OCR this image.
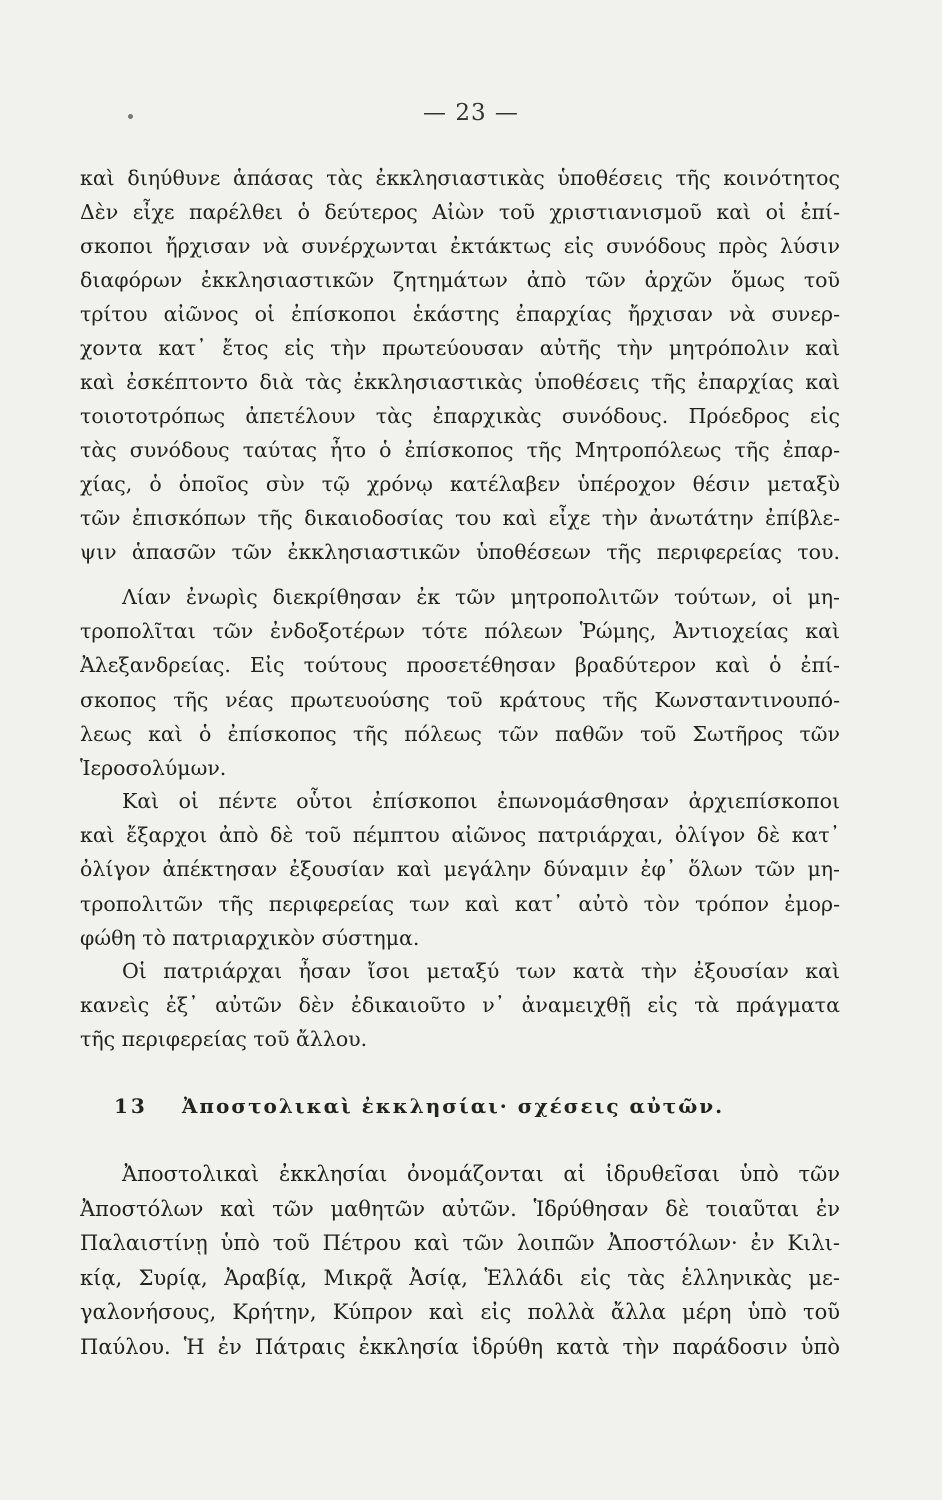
— 23 —
καὶ διηύθυνε ἁπάσας τὰς ἐκκλησιαστικὰς ὑποθέσεις τῆς κοινότητος
Δὲν εἶχε παρέλθει ὁ δεύτερος Αἰὼν τοῦ χριστιανισμοῦ καὶ οἱ ἐπί-
σκοποι ἤρχισαν νὰ συνέρχωνται ἐκτάκτως εἰς συνόδους πρὸς λύσιν
διαφόρων ἐκκλησιαστικῶν ζητημάτων ἀπὸ τῶν ἀρχῶν ὅμως τοῦ
τρίτου αἰῶνος οἱ ἐπίσκοποι ἑκάστης ἐπαρχίας ἤρχισαν νὰ συνερ-
χοντα κατ᾽ ἔτος εἰς τὴν πρωτεύουσαν αὐτῆς τὴν μητρόπολιν καὶ
καὶ ἐσκέπτοντο διὰ τὰς ἐκκλησιαστικὰς ὑποθέσεις τῆς ἐπαρχίας καὶ
τοιοτοτρόπως ἀπετέλουν τὰς ἐπαρχικὰς συνόδους. Πρόεδρος εἰς
τὰς συνόδους ταύτας ἦτο ὁ ἐπίσκοπος τῆς Μητροπόλεως τῆς ἐπαρ-
χίας, ὁ ὁποῖος σὺν τῷ χρόνῳ κατέλαβεν ὑπέροχον θέσιν μεταξὺ
τῶν ἐπισκόπων τῆς δικαιοδοσίας του καὶ εἶχε τὴν ἀνωτάτην ἐπίβλε-
ψιν ἁπασῶν τῶν ἐκκλησιαστικῶν ὑποθέσεων τῆς περιφερείας του.
Λίαν ἐνωρὶς διεκρίθησαν ἐκ τῶν μητροπολιτῶν τούτων, οἱ μη-
τροπολῖται τῶν ἐνδοξοτέρων τότε πόλεων Ῥώμης, Ἀντιοχείας καὶ
Ἀλεξανδρείας. Εἰς τούτους προσετέθησαν βραδύτερον καὶ ὁ ἐπί-
σκοπος τῆς νέας πρωτευούσης τοῦ κράτους τῆς Κωνσταντινουπό-
λεως καὶ ὁ ἐπίσκοπος τῆς πόλεως τῶν παθῶν τοῦ Σωτῆρος τῶν
Ἱεροσολύμων.
Καὶ οἱ πέντε οὗτοι ἐπίσκοποι ἐπωνομάσθησαν ἀρχιεπίσκοποι
καὶ ἔξαρχοι ἀπὸ δὲ τοῦ πέμπτου αἰῶνος πατριάρχαι, ὀλίγον δὲ κατ᾽
ὀλίγον ἀπέκτησαν ἐξουσίαν καὶ μεγάλην δύναμιν ἐφ᾽ ὅλων τῶν μη-
τροπολιτῶν τῆς περιφερείας των καὶ κατ᾽ αὐτὸ τὸν τρόπον ἐμορ-
φώθη τὸ πατριαρχικὸν σύστημα.
Οἱ πατριάρχαι ἦσαν ἴσοι μεταξύ των κατὰ τὴν ἐξουσίαν καὶ
κανεὶς ἐξ᾽ αὐτῶν δὲν ἐδικαιοῦτο ν᾽ ἀναμειχθῇ εἰς τὰ πράγματα
τῆς περιφερείας τοῦ ἄλλου.
13 Ἀποστολικαὶ ἐκκλησίαι· σχέσεις αὐτῶν.
Ἀποστολικαὶ ἐκκλησίαι ὀνομάζονται αἱ ἱδρυθεῖσαι ὑπὸ τῶν
Ἀποστόλων καὶ τῶν μαθητῶν αὐτῶν. Ἱδρύθησαν δὲ τοιαῦται ἐν
Παλαιστίνῃ ὑπὸ τοῦ Πέτρου καὶ τῶν λοιπῶν Ἀποστόλων· ἐν Κιλι-
κίᾳ, Συρίᾳ, Ἀραβίᾳ, Μικρᾷ Ἀσίᾳ, Ἑλλάδι εἰς τὰς ἑλληνικὰς με-
γαλονήσους, Κρήτην, Κύπρον καὶ εἰς πολλὰ ἄλλα μέρη ὑπὸ τοῦ
Παύλου. Ἡ ἐν Πάτραις ἐκκλησία ἱδρύθη κατὰ τὴν παράδοσιν ὑπὸ
